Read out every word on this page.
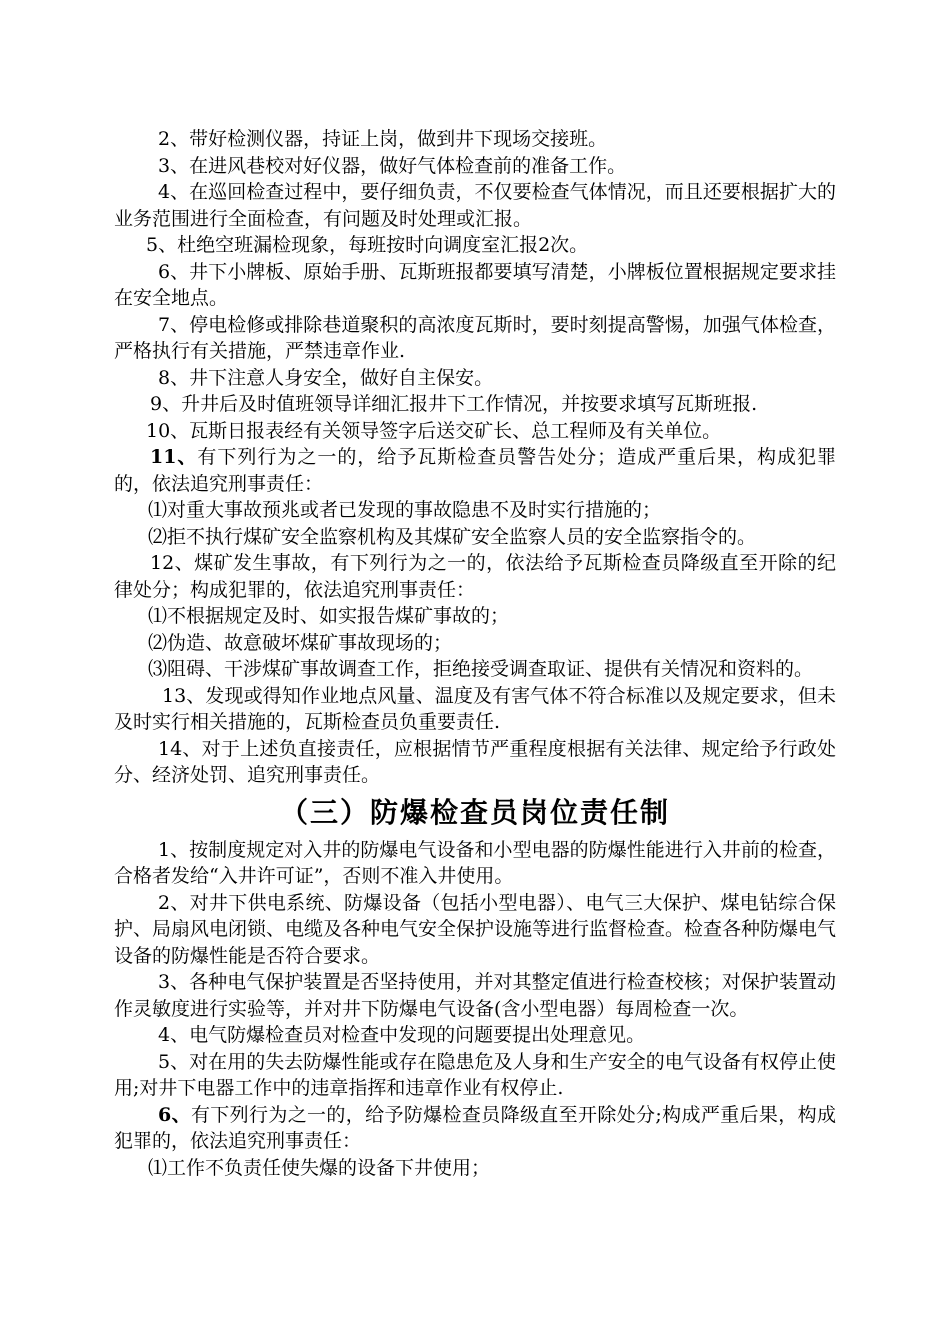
2、带好检测仪器，持证上岗，做到井下现场交接班。

3、在进风巷校对好仪器，做好气体检查前的准备工作。

4、在巡回检查过程中，要仔细负责，不仅要检查气体情况，而且还要根据扩大的业务范围进行全面检查，有问题及时处理或汇报。

5、杜绝空班漏检现象，每班按时向调度室汇报2次。

6、井下小牌板、原始手册、瓦斯班报都要填写清楚，小牌板位置根据规定要求挂在安全地点。

7、停电检修或排除巷道聚积的高浓度瓦斯时，要时刻提高警惕，加强气体检查，严格执行有关措施，严禁违章作业.

8、井下注意人身安全，做好自主保安。

9、升井后及时值班领导详细汇报井下工作情况，并按要求填写瓦斯班报.

10、瓦斯日报表经有关领导签字后送交矿长、总工程师及有关单位。

11、有下列行为之一的，给予瓦斯检查员警告处分；造成严重后果，构成犯罪的，依法追究刑事责任：

⑴对重大事故预兆或者已发现的事故隐患不及时实行措施的；

⑵拒不执行煤矿安全监察机构及其煤矿安全监察人员的安全监察指令的。

12、煤矿发生事故，有下列行为之一的，依法给予瓦斯检查员降级直至开除的纪律处分；构成犯罪的，依法追究刑事责任：

⑴不根据规定及时、如实报告煤矿事故的；

⑵伪造、故意破坏煤矿事故现场的；

⑶阻碍、干涉煤矿事故调查工作，拒绝接受调查取证、提供有关情况和资料的。

13、发现或得知作业地点风量、温度及有害气体不符合标准以及规定要求，但未及时实行相关措施的，瓦斯检查员负重要责任.

14、对于上述负直接责任，应根据情节严重程度根据有关法律、规定给予行政处分、经济处罚、追究刑事责任。

（三）防爆检查员岗位责任制

1、按制度规定对入井的防爆电气设备和小型电器的防爆性能进行入井前的检查，合格者发给“入井许可证”，否则不准入井使用。

2、对井下供电系统、防爆设备（包括小型电器）、电气三大保护、煤电钻综合保护、局扇风电闭锁、电缆及各种电气安全保护设施等进行监督检查。检查各种防爆电气设备的防爆性能是否符合要求。

3、各种电气保护装置是否坚持使用，并对其整定值进行检查校核；对保护装置动作灵敏度进行实验等，并对井下防爆电气设备(含小型电器）每周检查一次。

4、电气防爆检查员对检查中发现的问题要提出处理意见。

5、对在用的失去防爆性能或存在隐患危及人身和生产安全的电气设备有权停止使用;对井下电器工作中的违章指挥和违章作业有权停止.

6、有下列行为之一的，给予防爆检查员降级直至开除处分;构成严重后果，构成犯罪的，依法追究刑事责任：

⑴工作不负责任使失爆的设备下井使用；
